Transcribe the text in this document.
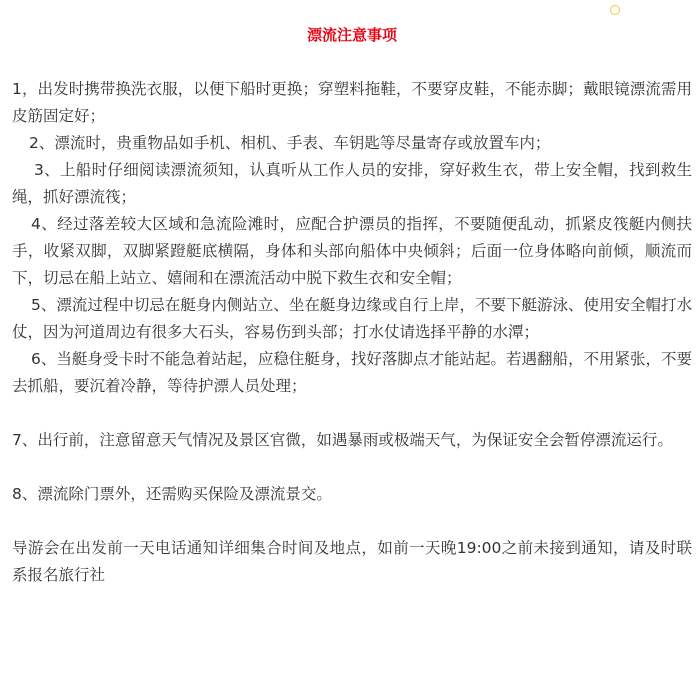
漂流注意事项

1，出发时携带换洗衣服，以便下船时更换；穿塑料拖鞋，不要穿皮鞋，不能赤脚；戴眼镜漂流需用皮筋固定好；

2、漂流时，贵重物品如手机、相机、手表、车钥匙等尽量寄存或放置车内；

3、上船时仔细阅读漂流须知，认真听从工作人员的安排，穿好救生衣，带上安全帽，找到救生绳，抓好漂流筏；

4、经过落差较大区域和急流险滩时，应配合护漂员的指挥，不要随便乱动，抓紧皮筏艇内侧扶手，收紧双脚，双脚紧蹬艇底横隔，身体和头部向船体中央倾斜；后面一位身体略向前倾，顺流而下，切忌在船上站立、嬉闹和在漂流活动中脱下救生衣和安全帽；

5、漂流过程中切忌在艇身内侧站立、坐在艇身边缘或自行上岸，不要下艇游泳、使用安全帽打水仗，因为河道周边有很多大石头，容易伤到头部；打水仗请选择平静的水潭；

6、当艇身受卡时不能急着站起，应稳住艇身，找好落脚点才能站起。若遇翻船，不用紧张，不要去抓船，要沉着冷静，等待护漂人员处理；

7、出行前，注意留意天气情况及景区官微，如遇暴雨或极端天气，为保证安全会暂停漂流运行。

8、漂流除门票外，还需购买保险及漂流景交。

导游会在出发前一天电话通知详细集合时间及地点，如前一天晚19:00之前未接到通知，请及时联系报名旅行社
